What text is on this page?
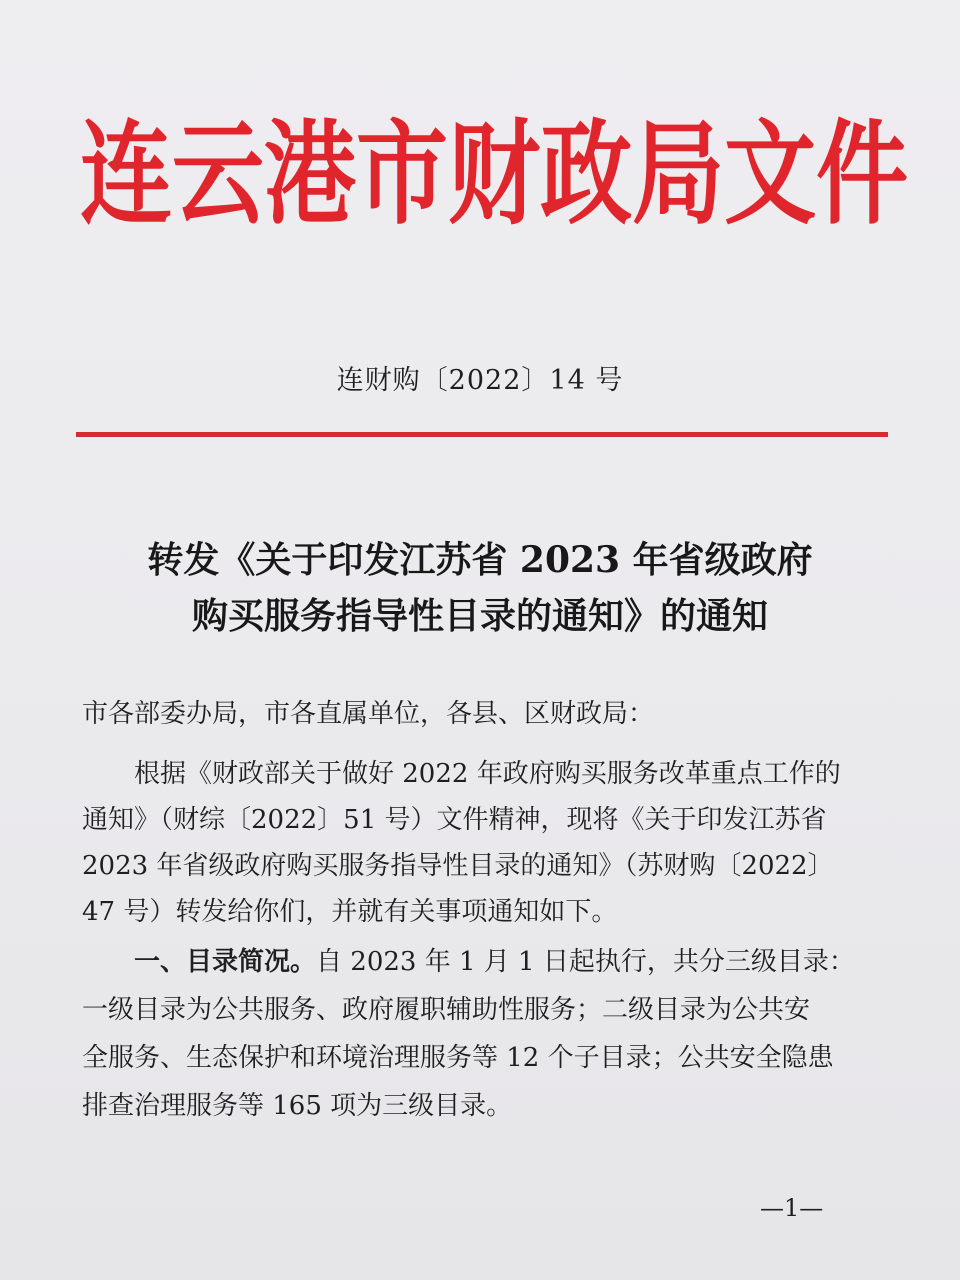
连 云 港 市 财 政 局 文 件
连财购〔2022〕14 号
转发《关于印发江苏省 2023 年省级政府
购买服务指导性目录的通知》的通知
市各部委办局，市各直属单位，各县、区财政局：
根据《财政部关于做好 2022 年政府购买服务改革重点工作的
通知》（财综〔2022〕51 号）文件精神，现将《关于印发江苏省
2023 年省级政府购买服务指导性目录的通知》（苏财购〔2022〕
47 号）转发给你们，并就有关事项通知如下。
一、目录简况。自 2023 年 1 月 1 日起执行，共分三级目录：
一级目录为公共服务、政府履职辅助性服务；二级目录为公共安
全服务、生态保护和环境治理服务等 12 个子目录；公共安全隐患
排查治理服务等 165 项为三级目录。
—1—
